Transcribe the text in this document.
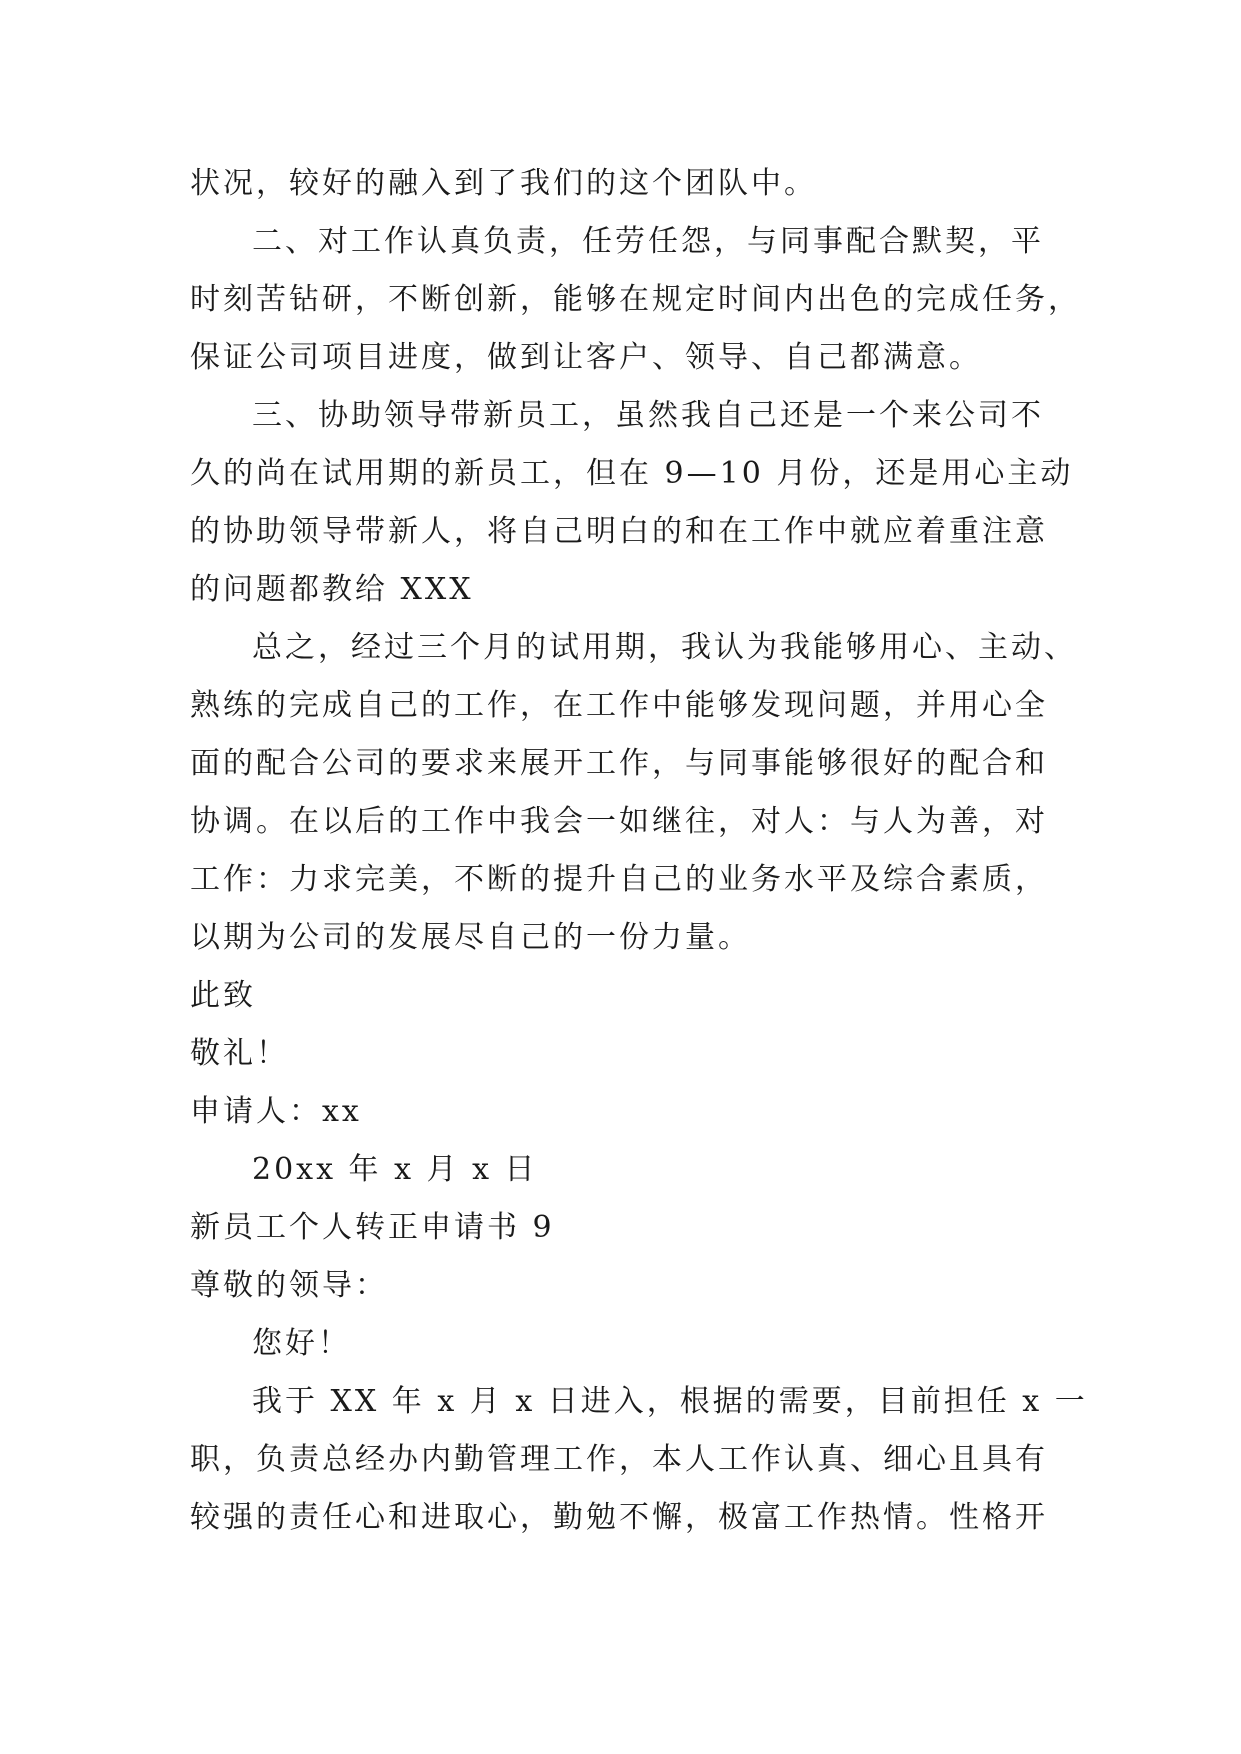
状况，较好的融入到了我们的这个团队中。
二、对工作认真负责，任劳任怨，与同事配合默契，平
时刻苦钻研，不断创新，能够在规定时间内出色的完成任务，
保证公司项目进度，做到让客户、领导、自己都满意。
三、协助领导带新员工，虽然我自己还是一个来公司不
久的尚在试用期的新员工，但在 9—10 月份，还是用心主动
的协助领导带新人，将自己明白的和在工作中就应着重注意
的问题都教给 XXX
总之，经过三个月的试用期，我认为我能够用心、主动、
熟练的完成自己的工作，在工作中能够发现问题，并用心全
面的配合公司的要求来展开工作，与同事能够很好的配合和
协调。在以后的工作中我会一如继往，对人：与人为善，对
工作：力求完美，不断的提升自己的业务水平及综合素质，
以期为公司的发展尽自己的一份力量。
此致
敬礼！
申请人：xx
20xx 年 x 月 x 日
新员工个人转正申请书 9
尊敬的领导：
您好！
我于 XX 年 x 月 x 日进入，根据的需要，目前担任 x 一
职，负责总经办内勤管理工作，本人工作认真、细心且具有
较强的责任心和进取心，勤勉不懈，极富工作热情。性格开
